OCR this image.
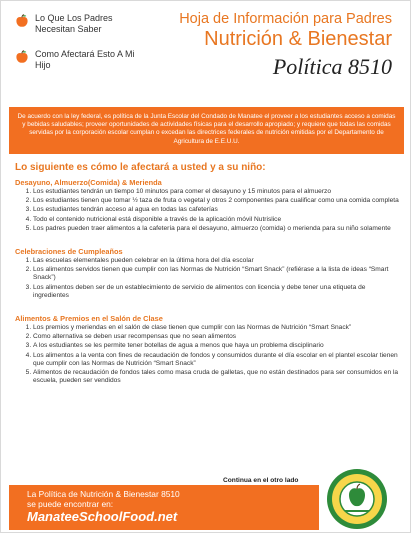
Lo Que Los Padres Necesitan Saber
Como Afectará Esto A Mi Hijo
Hoja de Información para Padres
Nutrición & Bienestar
Política 8510

De acuerdo con la ley federal, es política de la Junta Escolar del Condado de Manatee el proveer a los estudiantes acceso a comidas y bebidas saludables; proveer oportunidades de actividades físicas para el desarrollo apropiado; y requiere que todas las comidas servidas por la corporación escolar cumplan o excedan las directrices federales de nutrición emitidas por el Departamento de Agricultura de E.E.U.U.

Lo siguiente es cómo le afectará a usted y a su niño:
Desayuno, Almuerzo(Comida) & Merienda
1. Los estudiantes tendrán un tiempo 10 minutos para comer el desayuno y 15 minutos para el almuerzo
2. Los estudiantes tienen que tomar ½ taza de fruta o vegetal y otros 2 componentes para cualificar como una comida completa
3. Los estudiantes tendrán acceso al agua en todas las cafeterías
4. Todo el contenido nutricional está disponible a través de la aplicación móvil Nutrislice
5. Los padres pueden traer alimentos a la cafetería para el desayuno, almuerzo (comida) o merienda para su niño solamente
Celebraciones de Cumpleaños
1. Las escuelas elementales pueden celebrar en la última hora del día escolar
2. Los alimentos servidos tienen que cumplir con las Normas de Nutrición “Smart Snack” (refiérase a la lista de ideas “Smart Snack”)
3. Los alimentos deben ser de un establecimiento de servicio de alimentos con licencia y debe tener una etiqueta de ingredientes
Alimentos & Premios en el Salón de Clase
1. Los premios y meriendas en el salón de clase tienen que cumplir con las Normas de Nutrición “Smart Snack”
2. Como alternativa se deben usar recompensas que no sean alimentos
3. A los estudiantes se les permite tener botellas de agua a menos que haya un problema disciplinario
4. Los alimentos a la venta con fines de recaudación de fondos y consumidos durante el día escolar en el plantel escolar tienen que cumplir con las Normas de Nutrición “Smart Snack”
5. Alimentos de recaudación de fondos tales como masa cruda de galletas, que no están destinados para ser consumidos en la escuela, pueden ser vendidos
Continua en el otro lado
La Política de Nutrición & Bienestar 8510
se puede encontrar en:
ManateeSchoolFood.net
